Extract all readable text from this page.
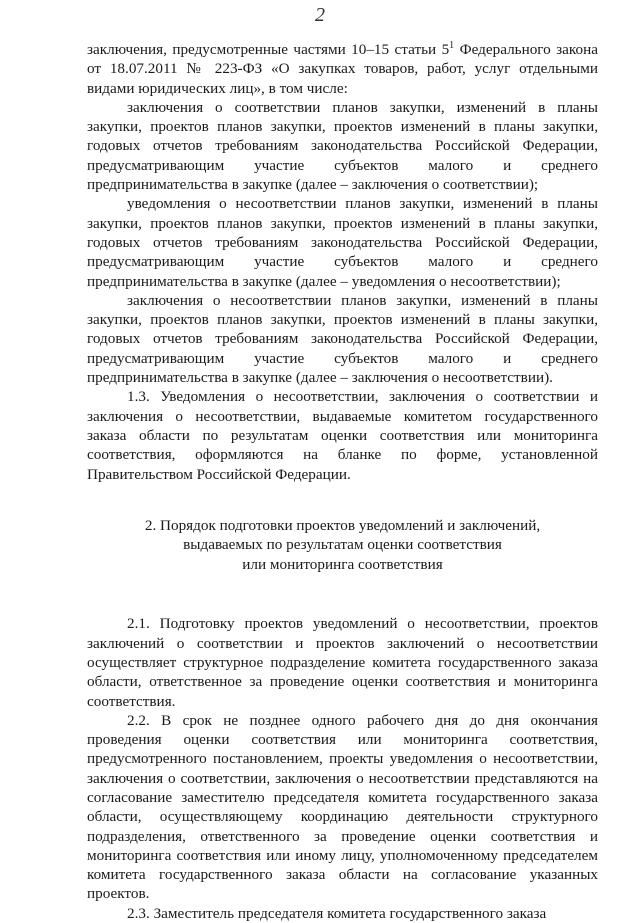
2

заключения, предусмотренные частями 10–15 статьи $5^1$ Федерального закона от 18.07.2011 № 223-ФЗ «О закупках товаров, работ, услуг отдельными видами юридических лиц», в том числе:

заключения о соответствии планов закупки, изменений в планы закупки, проектов планов закупки, проектов изменений в планы закупки, годовых отчетов требованиям законодательства Российской Федерации, предусматривающим участие субъектов малого и среднего предпринимательства в закупке (далее – заключения о соответствии);

уведомления о несоответствии планов закупки, изменений в планы закупки, проектов планов закупки, проектов изменений в планы закупки, годовых отчетов требованиям законодательства Российской Федерации, предусматривающим участие субъектов малого и среднего предпринимательства в закупке (далее – уведомления о несоответствии);

заключения о несоответствии планов закупки, изменений в планы закупки, проектов планов закупки, проектов изменений в планы закупки, годовых отчетов требованиям законодательства Российской Федерации, предусматривающим участие субъектов малого и среднего предпринимательства в закупке (далее – заключения о несоответствии).

1.3. Уведомления о несоответствии, заключения о соответствии и заключения о несоответствии, выдаваемые комитетом государственного заказа области по результатам оценки соответствия или мониторинга соответствия, оформляются на бланке по форме, установленной Правительством Российской Федерации.

2. Порядок подготовки проектов уведомлений и заключений,
выдаваемых по результатам оценки соответствия
или мониторинга соответствия

2.1. Подготовку проектов уведомлений о несоответствии, проектов заключений о соответствии и проектов заключений о несоответствии осуществляет структурное подразделение комитета государственного заказа области, ответственное за проведение оценки соответствия и мониторинга соответствия.

2.2. В срок не позднее одного рабочего дня до дня окончания проведения оценки соответствия или мониторинга соответствия, предусмотренного постановлением, проекты уведомления о несоответствии, заключения о соответствии, заключения о несоответствии представляются на согласование заместителю председателя комитета государственного заказа области, осуществляющему координацию деятельности структурного подразделения, ответственного за проведение оценки соответствия и мониторинга соответствия или иному лицу, уполномоченному председателем комитета государственного заказа области на согласование указанных проектов.

2.3. Заместитель председателя комитета государственного заказа
